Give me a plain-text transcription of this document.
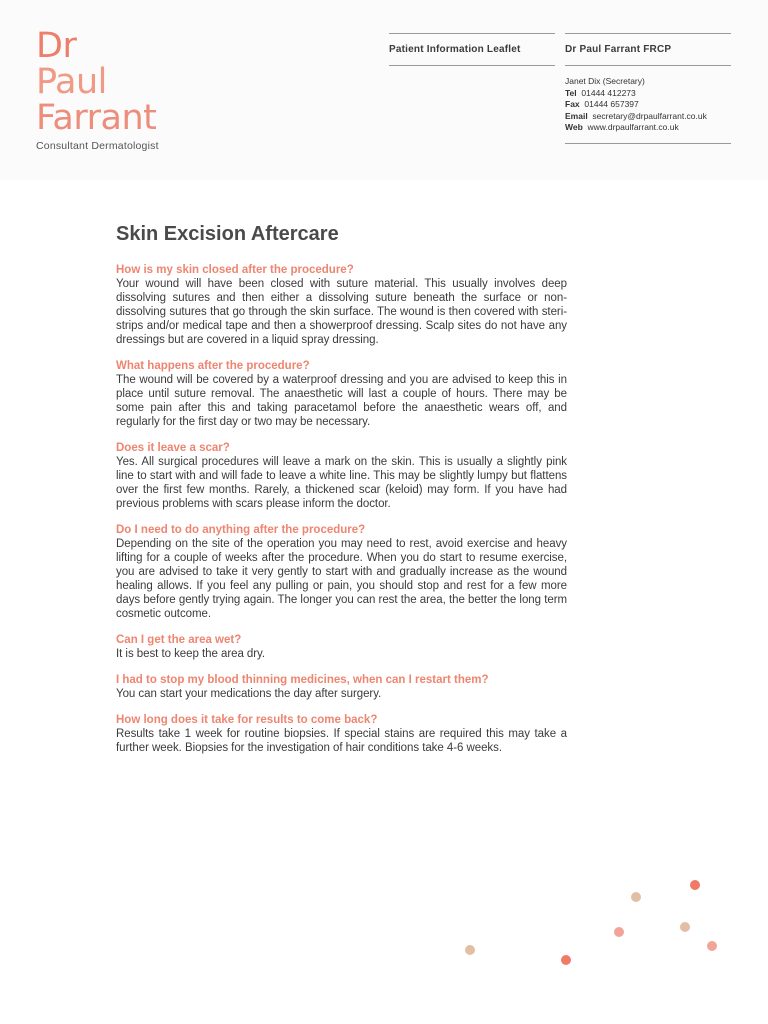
Dr
Paul
Farrant
Consultant Dermatologist
Patient Information Leaflet	Dr Paul Farrant FRCP
Janet Dix (Secretary)
Tel 01444 412273
Fax 01444 657397
Email secretary@drpaulfarrant.co.uk
Web www.drpaulfarrant.co.uk
Skin Excision Aftercare

How is my skin closed after the procedure?

Your wound will have been closed with suture material. This usually involves deep dissolving sutures and then either a dissolving suture beneath the surface or non-dissolving sutures that go through the skin surface. The wound is then covered with steri-strips and/or medical tape and then a showerproof dressing. Scalp sites do not have any dressings but are covered in a liquid spray dressing.

What happens after the procedure?

The wound will be covered by a waterproof dressing and you are advised to keep this in place until suture removal. The anaesthetic will last a couple of hours. There may be some pain after this and taking paracetamol before the anaesthetic wears off, and regularly for the first day or two may be necessary.

Does it leave a scar?

Yes. All surgical procedures will leave a mark on the skin. This is usually a slightly pink line to start with and will fade to leave a white line. This may be slightly lumpy but flattens over the first few months. Rarely, a thickened scar (keloid) may form. If you have had previous problems with scars please inform the doctor.

Do I need to do anything after the procedure?

Depending on the site of the operation you may need to rest, avoid exercise and heavy lifting for a couple of weeks after the procedure. When you do start to resume exercise, you are advised to take it very gently to start with and gradually increase as the wound healing allows. If you feel any pulling or pain, you should stop and rest for a few more days before gently trying again. The longer you can rest the area, the better the long term cosmetic outcome.

Can I get the area wet?

It is best to keep the area dry.

I had to stop my blood thinning medicines, when can I restart them?

You can start your medications the day after surgery.

How long does it take for results to come back?

Results take 1 week for routine biopsies. If special stains are required this may take a further week. Biopsies for the investigation of hair conditions take 4-6 weeks.
